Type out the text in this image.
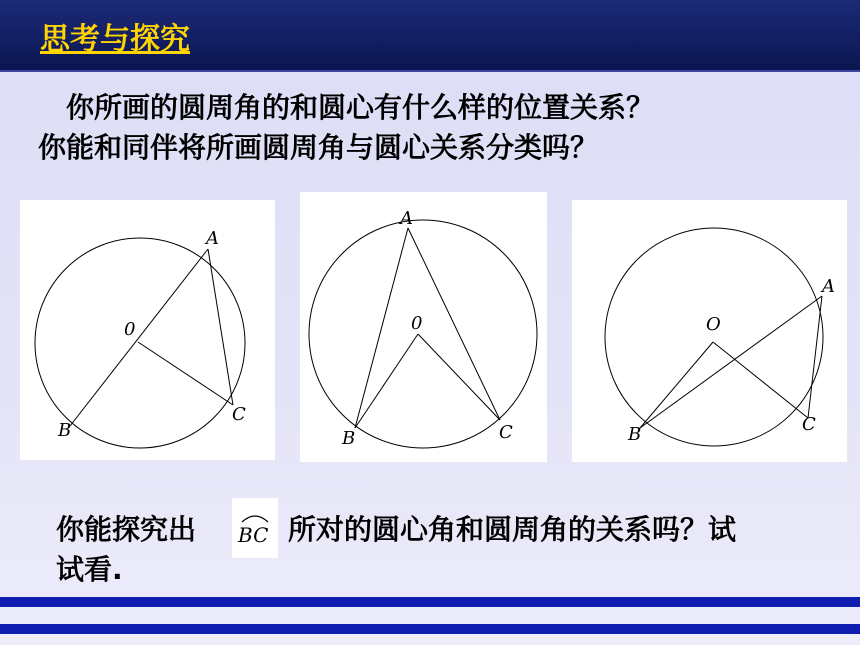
思考与探究
你所画的圆周角的和圆心有什么样的位置关系？
你能和同伴将所画圆周角与圆心关系分类吗？
A
0
B
C
A
0
B	C
A
O
B	C
你能探究出 BC 所对的圆心角和圆周角的关系吗？试
试看.
